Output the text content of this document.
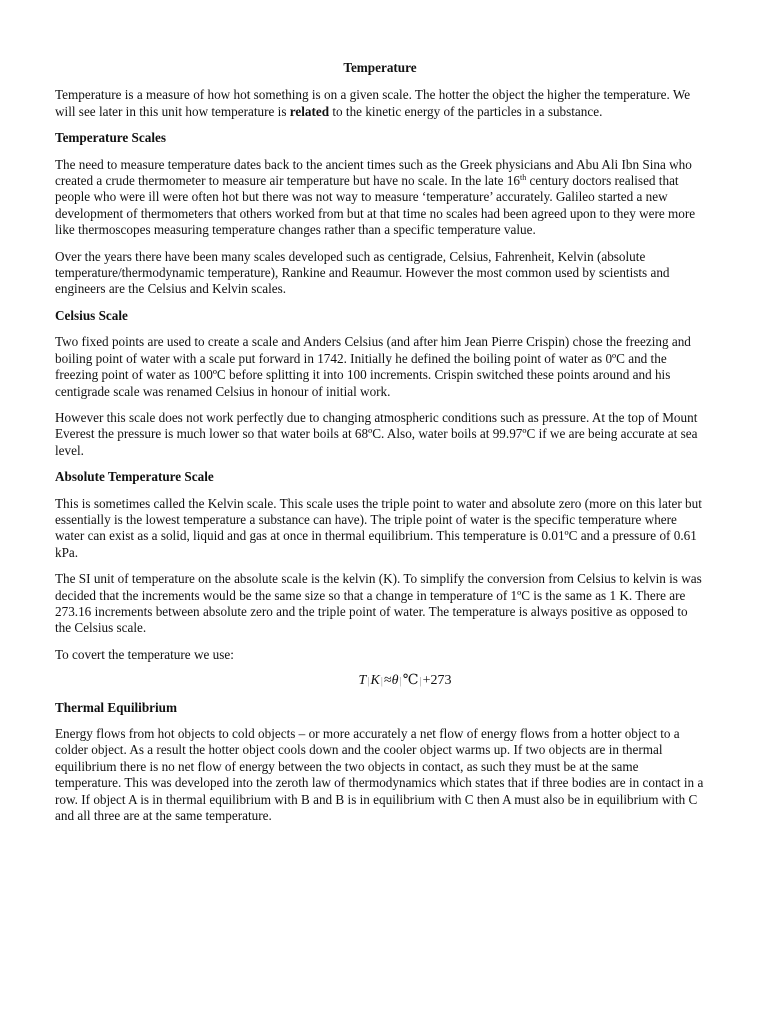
Temperature

Temperature is a measure of how hot something is on a given scale. The hotter the object the higher the temperature. We will see later in this unit how temperature is related to the kinetic energy of the particles in a substance.

Temperature Scales

The need to measure temperature dates back to the ancient times such as the Greek physicians and Abu Ali Ibn Sina who created a crude thermometer to measure air temperature but have no scale. In the late 16th century doctors realised that people who were ill were often hot but there was not way to measure ‘temperature’ accurately. Galileo started a new development of thermometers that others worked from but at that time no scales had been agreed upon to they were more like thermoscopes measuring temperature changes rather than a specific temperature value.

Over the years there have been many scales developed such as centigrade, Celsius, Fahrenheit, Kelvin (absolute temperature/thermodynamic temperature), Rankine and Reaumur. However the most common used by scientists and engineers are the Celsius and Kelvin scales.

Celsius Scale

Two fixed points are used to create a scale and Anders Celsius (and after him Jean Pierre Crispin) chose the freezing and boiling point of water with a scale put forward in 1742. Initially he defined the boiling point of water as 0ºC and the freezing point of water as 100ºC before splitting it into 100 increments. Crispin switched these points around and his centigrade scale was renamed Celsius in honour of initial work.

However this scale does not work perfectly due to changing atmospheric conditions such as pressure. At the top of Mount Everest the pressure is much lower so that water boils at 68ºC. Also, water boils at 99.97ºC if we are being accurate at sea level.

Absolute Temperature Scale

This is sometimes called the Kelvin scale. This scale uses the triple point to water and absolute zero (more on this later but essentially is the lowest temperature a substance can have). The triple point of water is the specific temperature where water can exist as a solid, liquid and gas at once in thermal equilibrium. This temperature is 0.01ºC and a pressure of 0.61 kPa.

The SI unit of temperature on the absolute scale is the kelvin (K). To simplify the conversion from Celsius to kelvin is was decided that the increments would be the same size so that a change in temperature of 1ºC is the same as 1 K. There are 273.16 increments between absolute zero and the triple point of water. The temperature is always positive as opposed to the Celsius scale.

To covert the temperature we use:

T|K|≈θ|℃|+273
Thermal Equilibrium

Energy flows from hot objects to cold objects – or more accurately a net flow of energy flows from a hotter object to a colder object. As a result the hotter object cools down and the cooler object warms up. If two objects are in thermal equilibrium there is no net flow of energy between the two objects in contact, as such they must be at the same temperature. This was developed into the zeroth law of thermodynamics which states that if three bodies are in contact in a row. If object A is in thermal equilibrium with B and B is in equilibrium with C then A must also be in equilibrium with C and all three are at the same temperature.
